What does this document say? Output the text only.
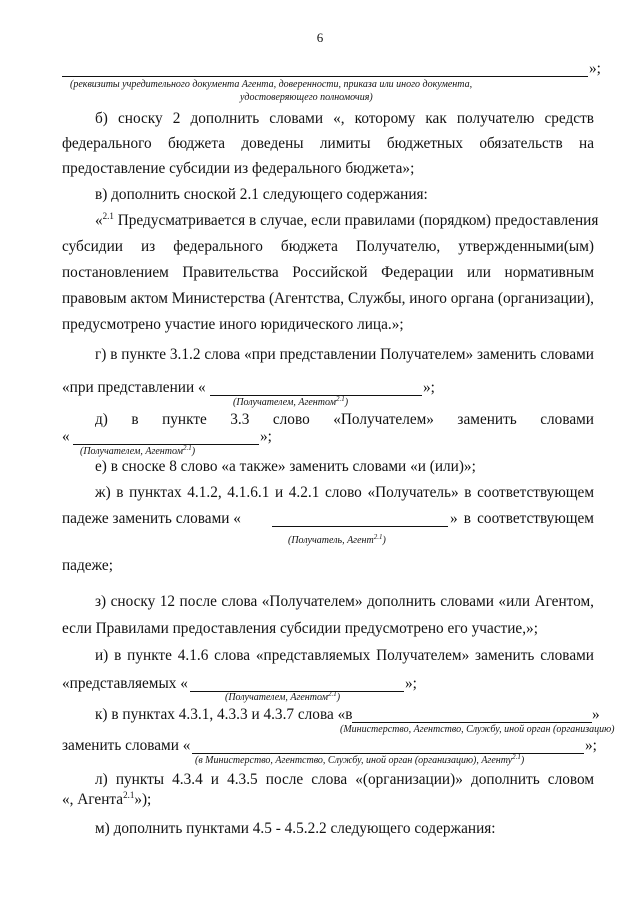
6
»;
(реквизиты учредительного документа Агента, доверенности, приказа или иного документа,
удостоверяющего полномочия)
б) сноску 2 дополнить словами «, которому как получателю средств
федерального бюджета доведены лимиты бюджетных обязательств на
предоставление субсидии из федерального бюджета»;
в) дополнить сноской 2.1 следующего содержания:
«$^{2.1}$ Предусматривается в случае, если правилами (порядком) предоставления
субсидии из федерального бюджета Получателю, утвержденными(ым)
постановлением Правительства Российской Федерации или нормативным
правовым актом Министерства (Агентства, Службы, иного органа (организации),
предусмотрено участие иного юридического лица.»;
г) в пункте 3.1.2 слова «при представлении Получателем» заменить словами
«при представлении «	»;
(Получателем, Агентом$^{2.1}$)
д) в пункте 3.3 слово «Получателем» заменить словами
«	»;
(Получателем, Агентом$^{2.1}$)
е) в сноске 8 слово «а также» заменить словами «и (или)»;
ж) в пунктах 4.1.2, 4.1.6.1 и 4.2.1 слово «Получатель» в соответствующем
падеже заменить словами «	» в соответствующем
(Получатель, Агент$^{2.1}$)
падеже;
з) сноску 12 после слова «Получателем» дополнить словами «или Агентом,
если Правилами предоставления субсидии предусмотрено его участие,»;
и) в пункте 4.1.6 слова «представляемых Получателем» заменить словами
«представляемых «	»;
(Получателем, Агентом$^{2.1}$)
к) в пунктах 4.3.1, 4.3.3 и 4.3.7 слова «в	»
(Министерство, Агентство, Службу, иной орган (организацию)
заменить словами «	»;
(в Министерство, Агентство, Службу, иной орган (организацию), Агенту$^{2.1}$)
л) пункты 4.3.4 и 4.3.5 после слова «(организации)» дополнить словом
«, Агента$^{2.1}$»);
м) дополнить пунктами 4.5 - 4.5.2.2 следующего содержания:
